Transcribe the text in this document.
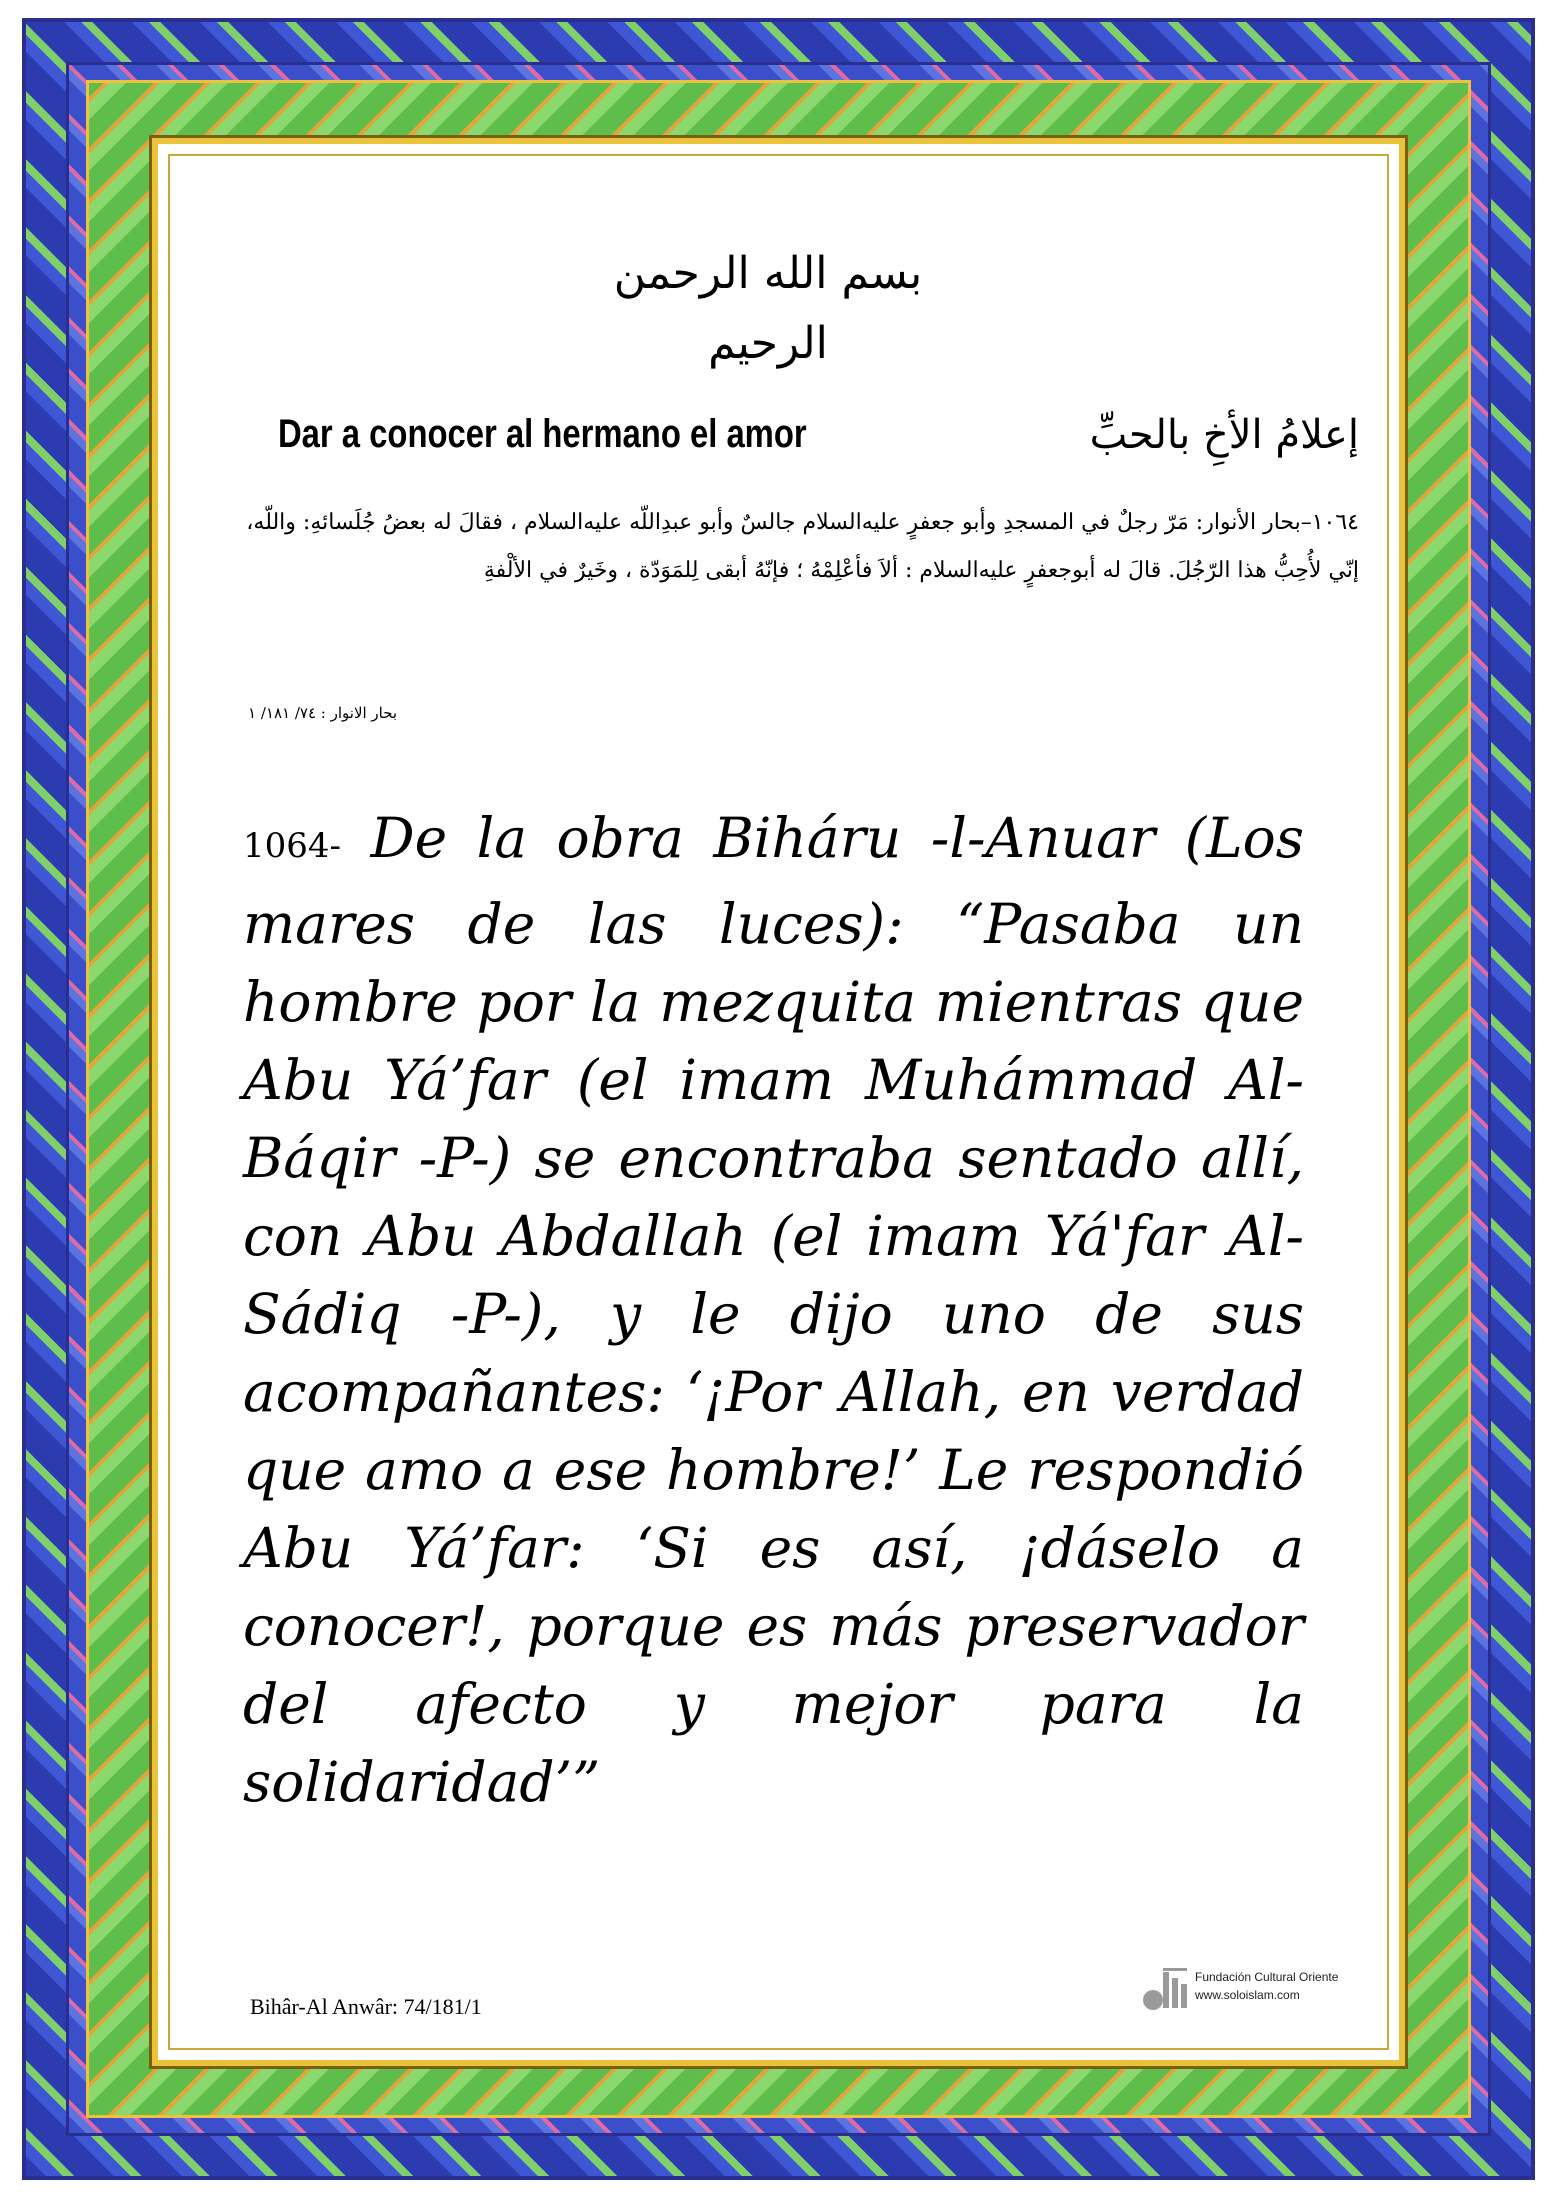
بسم الله الرحمن الرحيم
Dar a conocer al hermano el amor	إعلامُ الأخِ بالحبِّ
١٠٦٤–بحار الأنوار: مَرّ رجلٌ في المسجدِ وأبو جعفرٍ عليه‌السلام جالسٌ وأبو عبدِاللّه عليه‌السلام ، فقالَ له بعضُ جُلَسائهِ: واللّه، إنّي لأُحِبُّ هذا الرّجُلَ. قالَ له أبوجعفرٍ عليه‌السلام : ألاَ فأعْلِمْهُ ؛ فإنّهُ أبقى لِلمَوَدّة ، وخَيرٌ في الألْفةِ
بحار الانوار : ٧٤/ ١٨١/ ١
1064- De la obra Biháru -l-Anuar (Los mares de las luces): “Pasaba un hombre por la mezquita mientras que Abu Yá’far (el imam Muhámmad Al-Báqir -P-) se encontraba sentado allí, con Abu Abdallah (el imam Yá'far Al-Sádiq -P-), y le dijo uno de sus acompañantes: ‘¡Por Allah, en verdad que amo a ese hombre!’ Le respondió Abu Yá’far: ‘Si es así, ¡dáselo a conocer!, porque es más preservador del afecto y mejor para la solidaridad’”
Bihâr-Al Anwâr: 74/181/1
Fundación Cultural Oriente
www.soloislam.com
